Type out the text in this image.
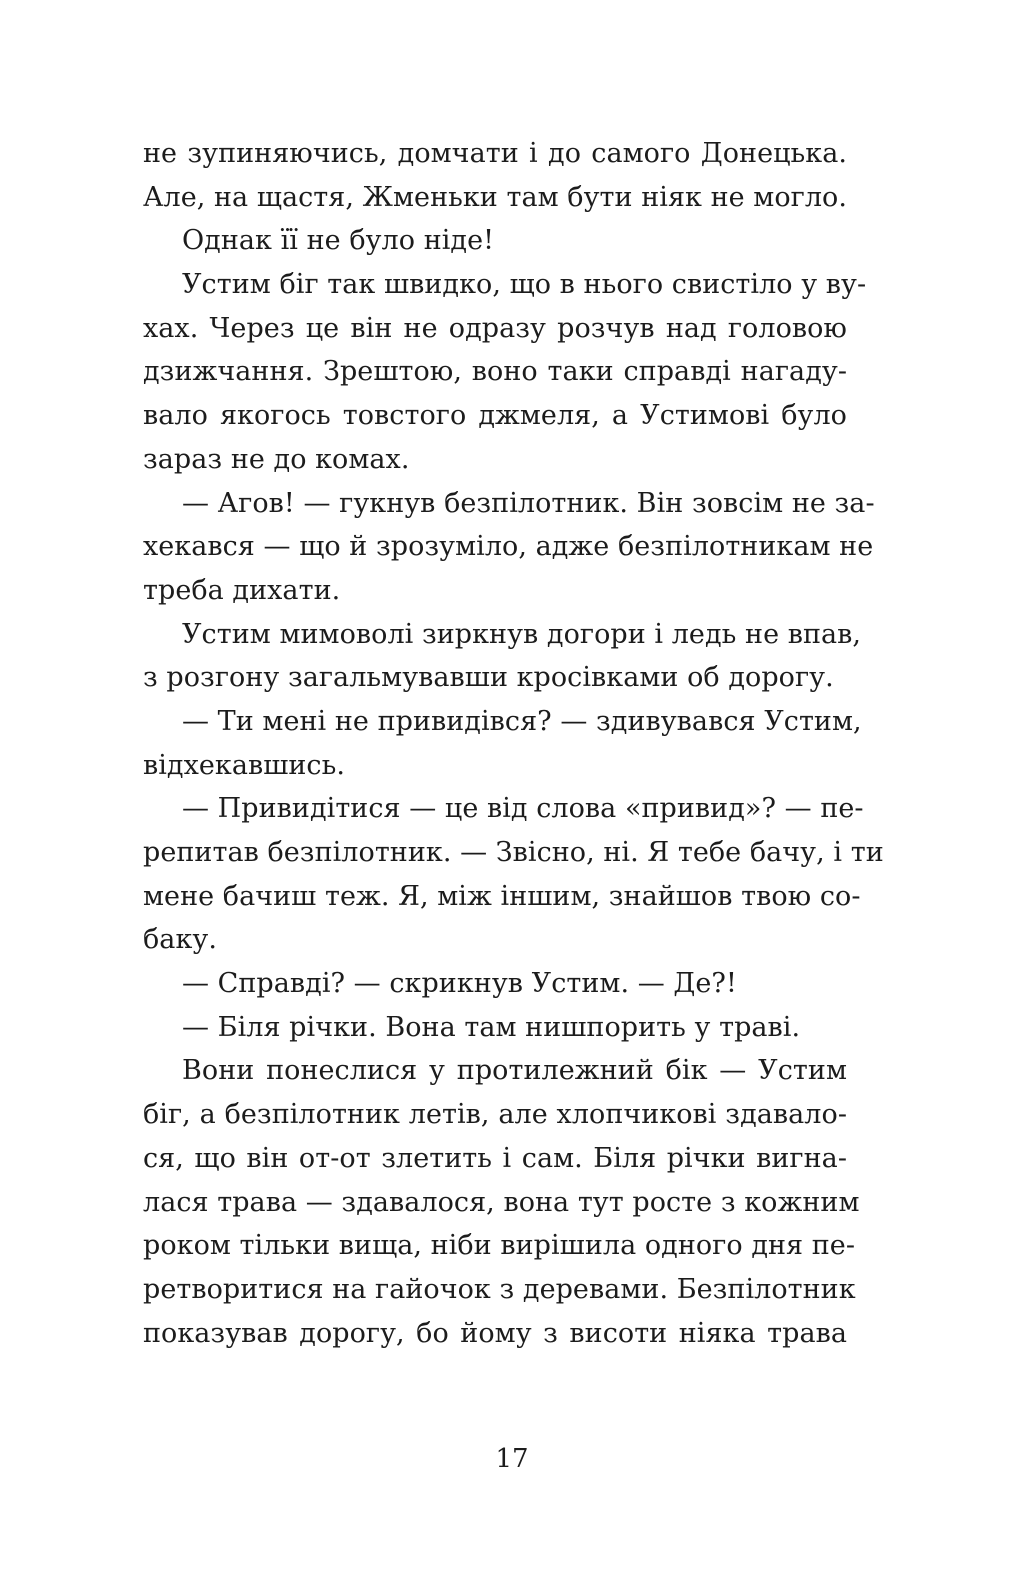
не зупиняючись, домчати і до самого Донецька.
Але, на щастя, Жменьки там бути ніяк не могло.
Однак її не було ніде!
Устим біг так швидко, що в нього свистіло у ву-
хах. Через це він не одразу розчув над головою
дзижчання. Зрештою, воно таки справді нагаду-
вало якогось товстого джмеля, а Устимові було
зараз не до комах.
— Агов! — гукнув безпілотник. Він зовсім не за-
хекався — що й зрозуміло, адже безпілотникам не
треба дихати.
Устим мимоволі зиркнув догори і ледь не впав,
з розгону загальмувавши кросівками об дорогу.
— Ти мені не привидівся? — здивувався Устим,
відхекавшись.
— Привидітися — це від слова «привид»? — пе-
репитав безпілотник. — Звісно, ні. Я тебе бачу, і ти
мене бачиш теж. Я, між іншим, знайшов твою со-
баку.
— Справді? — скрикнув Устим. — Де?!
— Біля річки. Вона там нишпорить у траві.
Вони понеслися у протилежний бік — Устим
біг, а безпілотник летів, але хлопчикові здавало-
ся, що він от-от злетить і сам. Біля річки вигна-
лася трава — здавалося, вона тут росте з кожним
роком тільки вища, ніби вирішила одного дня пе-
ретворитися на гайочок з деревами. Безпілотник
показував дорогу, бо йому з висоти ніяка трава
17
